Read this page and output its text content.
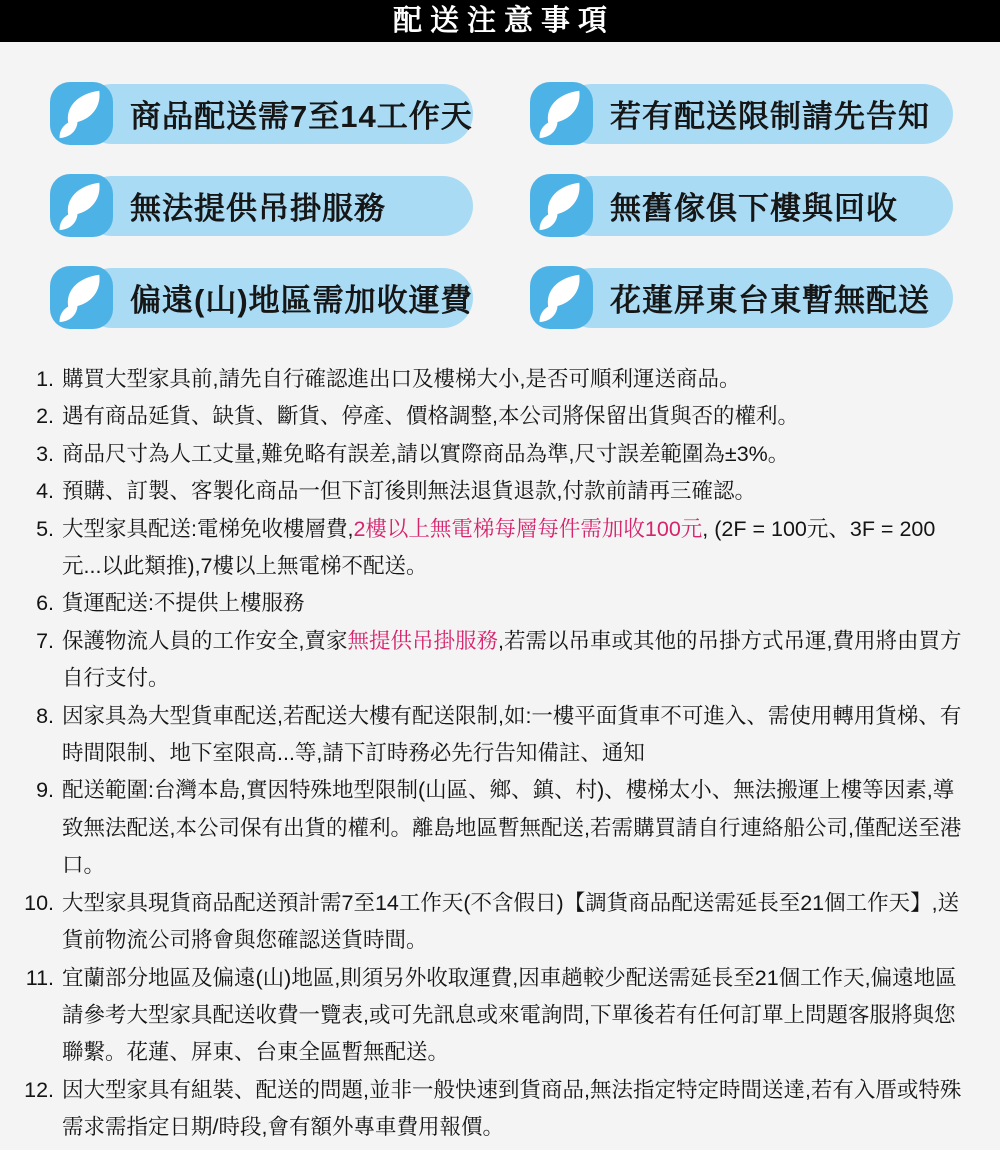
配送注意事項
商品配送需7至14工作天	若有配送限制請先告知
無法提供吊掛服務	無舊傢俱下樓與回收
偏遠(山)地區需加收運費	花蓮屏東台東暫無配送
1. 購買大型家具前,請先自行確認進出口及樓梯大小,是否可順利運送商品。
2. 遇有商品延貨、缺貨、斷貨、停產、價格調整,本公司將保留出貨與否的權利。
3. 商品尺寸為人工丈量,難免略有誤差,請以實際商品為準,尺寸誤差範圍為±3%。
4. 預購、訂製、客製化商品一但下訂後則無法退貨退款,付款前請再三確認。
5. 大型家具配送:電梯免收樓層費,2樓以上無電梯每層每件需加收100元, (2F = 100元、3F = 200元...以此類推),7樓以上無電梯不配送。
6. 貨運配送:不提供上樓服務
7. 保護物流人員的工作安全,賣家無提供吊掛服務,若需以吊車或其他的吊掛方式吊運,費用將由買方自行支付。
8. 因家具為大型貨車配送,若配送大樓有配送限制,如:一樓平面貨車不可進入、需使用轉用貨梯、有時間限制、地下室限高...等,請下訂時務必先行告知備註、通知
9. 配送範圍:台灣本島,實因特殊地型限制(山區、鄉、鎮、村)、樓梯太小、無法搬運上樓等因素,導致無法配送,本公司保有出貨的權利。離島地區暫無配送,若需購買請自行連絡船公司,僅配送至港口。
10. 大型家具現貨商品配送預計需7至14工作天(不含假日)【調貨商品配送需延長至21個工作天】,送貨前物流公司將會與您確認送貨時間。
11. 宜蘭部分地區及偏遠(山)地區,則須另外收取運費,因車趟較少配送需延長至21個工作天,偏遠地區請參考大型家具配送收費一覽表,或可先訊息或來電詢問,下單後若有任何訂單上問題客服將與您聯繫。花蓮、屏東、台東全區暫無配送。
12. 因大型家具有組裝、配送的問題,並非一般快速到貨商品,無法指定特定時間送達,若有入厝或特殊需求需指定日期/時段,會有額外專車費用報價。
